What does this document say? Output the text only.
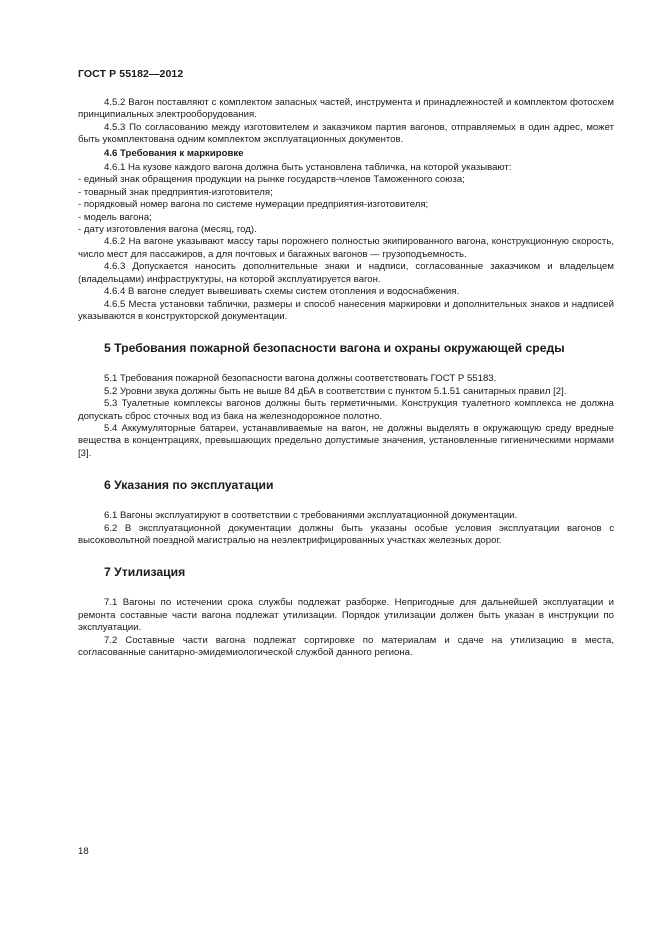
ГОСТ Р 55182—2012
4.5.2 Вагон поставляют с комплектом запасных частей, инструмента и принадлежностей и комплектом фотосхем принципиальных электрооборудования.
4.5.3 По согласованию между изготовителем и заказчиком партия вагонов, отправляемых в один адрес, может быть укомплектована одним комплектом эксплуатационных документов.
4.6 Требования к маркировке
4.6.1 На кузове каждого вагона должна быть установлена табличка, на которой указывают:
- единый знак обращения продукции на рынке государств-членов Таможенного союза;
- товарный знак предприятия-изготовителя;
- порядковый номер вагона по системе нумерации предприятия-изготовителя;
- модель вагона;
- дату изготовления вагона (месяц, год).
4.6.2 На вагоне указывают массу тары порожнего полностью экипированного вагона, конструкционную скорость, число мест для пассажиров, а для почтовых и багажных вагонов — грузоподъемность.
4.6.3 Допускается наносить дополнительные знаки и надписи, согласованные заказчиком и владельцем (владельцами) инфраструктуры, на которой эксплуатируется вагон.
4.6.4 В вагоне следует вывешивать схемы систем отопления и водоснабжения.
4.6.5 Места установки таблички, размеры и способ нанесения маркировки и дополнительных знаков и надписей указываются в конструкторской документации.
5 Требования пожарной безопасности вагона и охраны окружающей среды
5.1 Требования пожарной безопасности вагона должны соответствовать ГОСТ Р 55183.
5.2 Уровни звука должны быть не выше 84 дБА в соответствии с пунктом 5.1.51 санитарных правил [2].
5.3 Туалетные комплексы вагонов должны быть герметичными. Конструкция туалетного комплекса не должна допускать сброс сточных вод из бака на железнодорожное полотно.
5.4 Аккумуляторные батареи, устанавливаемые на вагон, не должны выделять в окружающую среду вредные вещества в концентрациях, превышающих предельно допустимые значения, установленные гигиеническими нормами [3].
6 Указания по эксплуатации
6.1 Вагоны эксплуатируют в соответствии с требованиями эксплуатационной документации.
6.2 В эксплуатационной документации должны быть указаны особые условия эксплуатации вагонов с высоковольтной поездной магистралью на неэлектрифицированных участках железных дорог.
7 Утилизация
7.1 Вагоны по истечении срока службы подлежат разборке. Непригодные для дальнейшей эксплуатации и ремонта составные части вагона подлежат утилизации. Порядок утилизации должен быть указан в инструкции по эксплуатации.
7.2 Составные части вагона подлежат сортировке по материалам и сдаче на утилизацию в места, согласованные санитарно-эмидемиологической службой данного региона.
18
